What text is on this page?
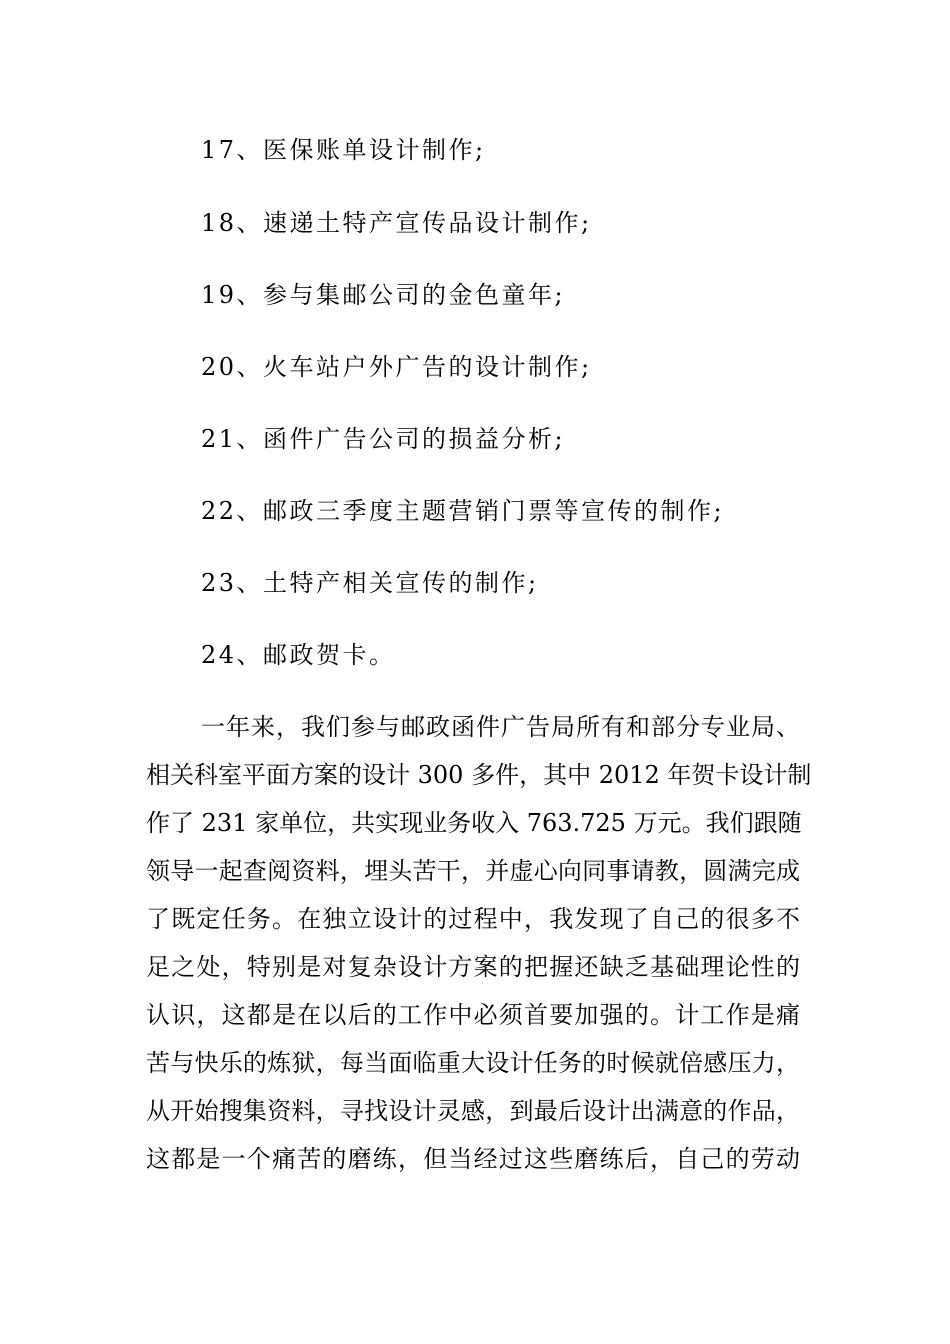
17、医保账单设计制作;
18、速递土特产宣传品设计制作;
19、参与集邮公司的金色童年;
20、火车站户外广告的设计制作;
21、函件广告公司的损益分析;
22、邮政三季度主题营销门票等宣传的制作;
23、土特产相关宣传的制作;
24、邮政贺卡。
一年来，我们参与邮政函件广告局所有和部分专业局、
相关科室平面方案的设计 300 多件，其中 2012 年贺卡设计制
作了 231 家单位，共实现业务收入 763.725 万元。我们跟随
领导一起查阅资料，埋头苦干，并虚心向同事请教，圆满完成
了既定任务。在独立设计的过程中，我发现了自己的很多不
足之处，特别是对复杂设计方案的把握还缺乏基础理论性的
认识，这都是在以后的工作中必须首要加强的。计工作是痛
苦与快乐的炼狱，每当面临重大设计任务的时候就倍感压力，
从开始搜集资料，寻找设计灵感，到最后设计出满意的作品，
这都是一个痛苦的磨练，但当经过这些磨练后，自己的劳动
